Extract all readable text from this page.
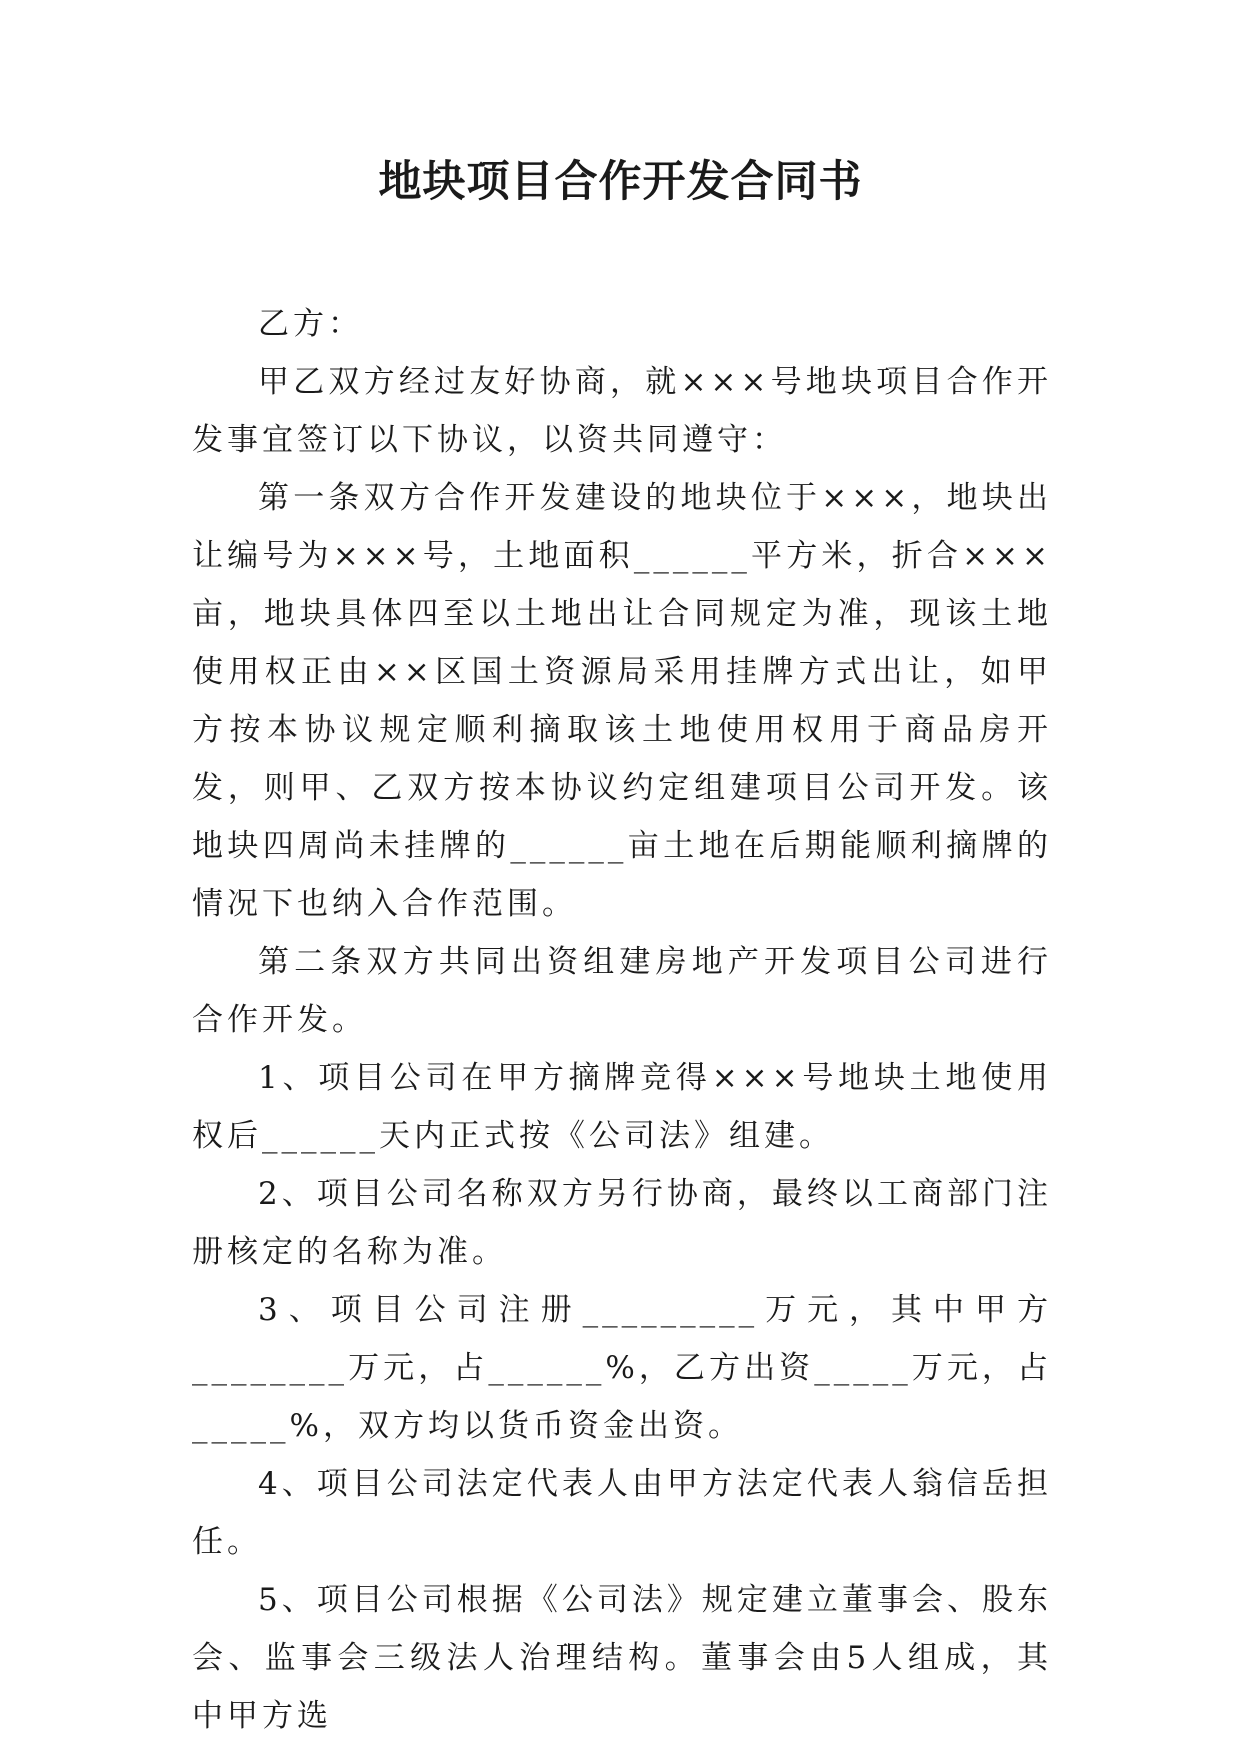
地块项目合作开发合同书

乙方：

甲乙双方经过友好协商，就×××号地块项目合作开发事宜签订以下协议，以资共同遵守：

第一条双方合作开发建设的地块位于×××，地块出让编号为×××号，土地面积______平方米，折合×××亩，地块具体四至以土地出让合同规定为准，现该土地使用权正由××区国土资源局采用挂牌方式出让，如甲方按本协议规定顺利摘取该土地使用权用于商品房开发，则甲、乙双方按本协议约定组建项目公司开发。该地块四周尚未挂牌的______亩土地在后期能顺利摘牌的情况下也纳入合作范围。

第二条双方共同出资组建房地产开发项目公司进行合作开发。

1、项目公司在甲方摘牌竞得×××号地块土地使用权后______天内正式按《公司法》组建。

2、项目公司名称双方另行协商，最终以工商部门注册核定的名称为准。

3、项目公司注册_________万元，其中甲方________万元，占______%，乙方出资_____万元，占_____%，双方均以货币资金出资。

4、项目公司法定代表人由甲方法定代表人翁信岳担任。

5、项目公司根据《公司法》规定建立董事会、股东会、监事会三级法人治理结构。董事会由5人组成，其中甲方选
